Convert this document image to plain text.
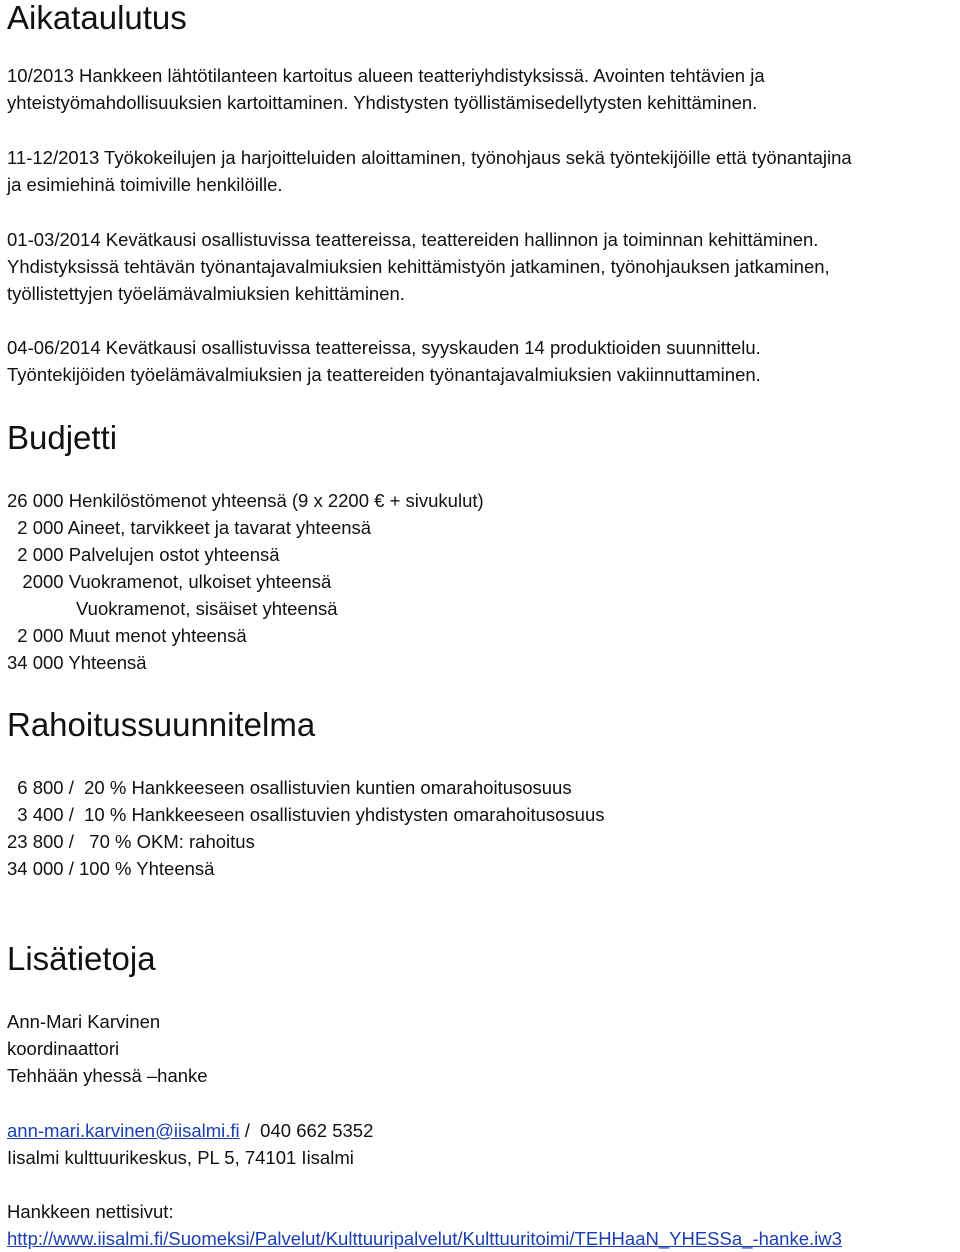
Aikataulutus
10/2013 Hankkeen lähtötilanteen kartoitus alueen teatteriyhdistyksissä. Avointen tehtävien ja
yhteistyömahdollisuuksien kartoittaminen. Yhdistysten työllistämisedellytysten kehittäminen.
11-12/2013 Työkokeilujen ja harjoitteluiden aloittaminen, työnohjaus sekä työntekijöille että työnantajina
ja esimiehinä toimiville henkilöille.
01-03/2014 Kevätkausi osallistuvissa teattereissa, teattereiden hallinnon ja toiminnan kehittäminen.
Yhdistyksissä tehtävän työnantajavalmiuksien kehittämistyön jatkaminen, työnohjauksen jatkaminen,
työllistettyjen työelämävalmiuksien kehittäminen.
04-06/2014 Kevätkausi osallistuvissa teattereissa, syyskauden 14 produktioiden suunnittelu.
Työntekijöiden työelämävalmiuksien ja teattereiden työnantajavalmiuksien vakiinnuttaminen.
Budjetti
26 000 Henkilöstömenot yhteensä (9 x 2200 € + sivukulut)
2 000 Aineet, tarvikkeet ja tavarat yhteensä
2 000 Palvelujen ostot yhteensä
2000 Vuokramenot, ulkoiset yhteensä
Vuokramenot, sisäiset yhteensä
2 000 Muut menot yhteensä
34 000 Yhteensä
Rahoitussuunnitelma
6 800 /  20 % Hankkeeseen osallistuvien kuntien omarahoitusosuus
3 400 /  10 % Hankkeeseen osallistuvien yhdistysten omarahoitusosuus
23 800 /   70 % OKM: rahoitus
34 000 / 100 % Yhteensä
Lisätietoja
Ann-Mari Karvinen
koordinaattori
Tehhään yhessä –hanke
ann-mari.karvinen@iisalmi.fi /  040 662 5352
Iisalmi kulttuurikeskus, PL 5, 74101 Iisalmi
Hankkeen nettisivut:
http://www.iisalmi.fi/Suomeksi/Palvelut/Kulttuuripalvelut/Kulttuuritoimi/TEHHaaN_YHESSa_-hanke.iw3
